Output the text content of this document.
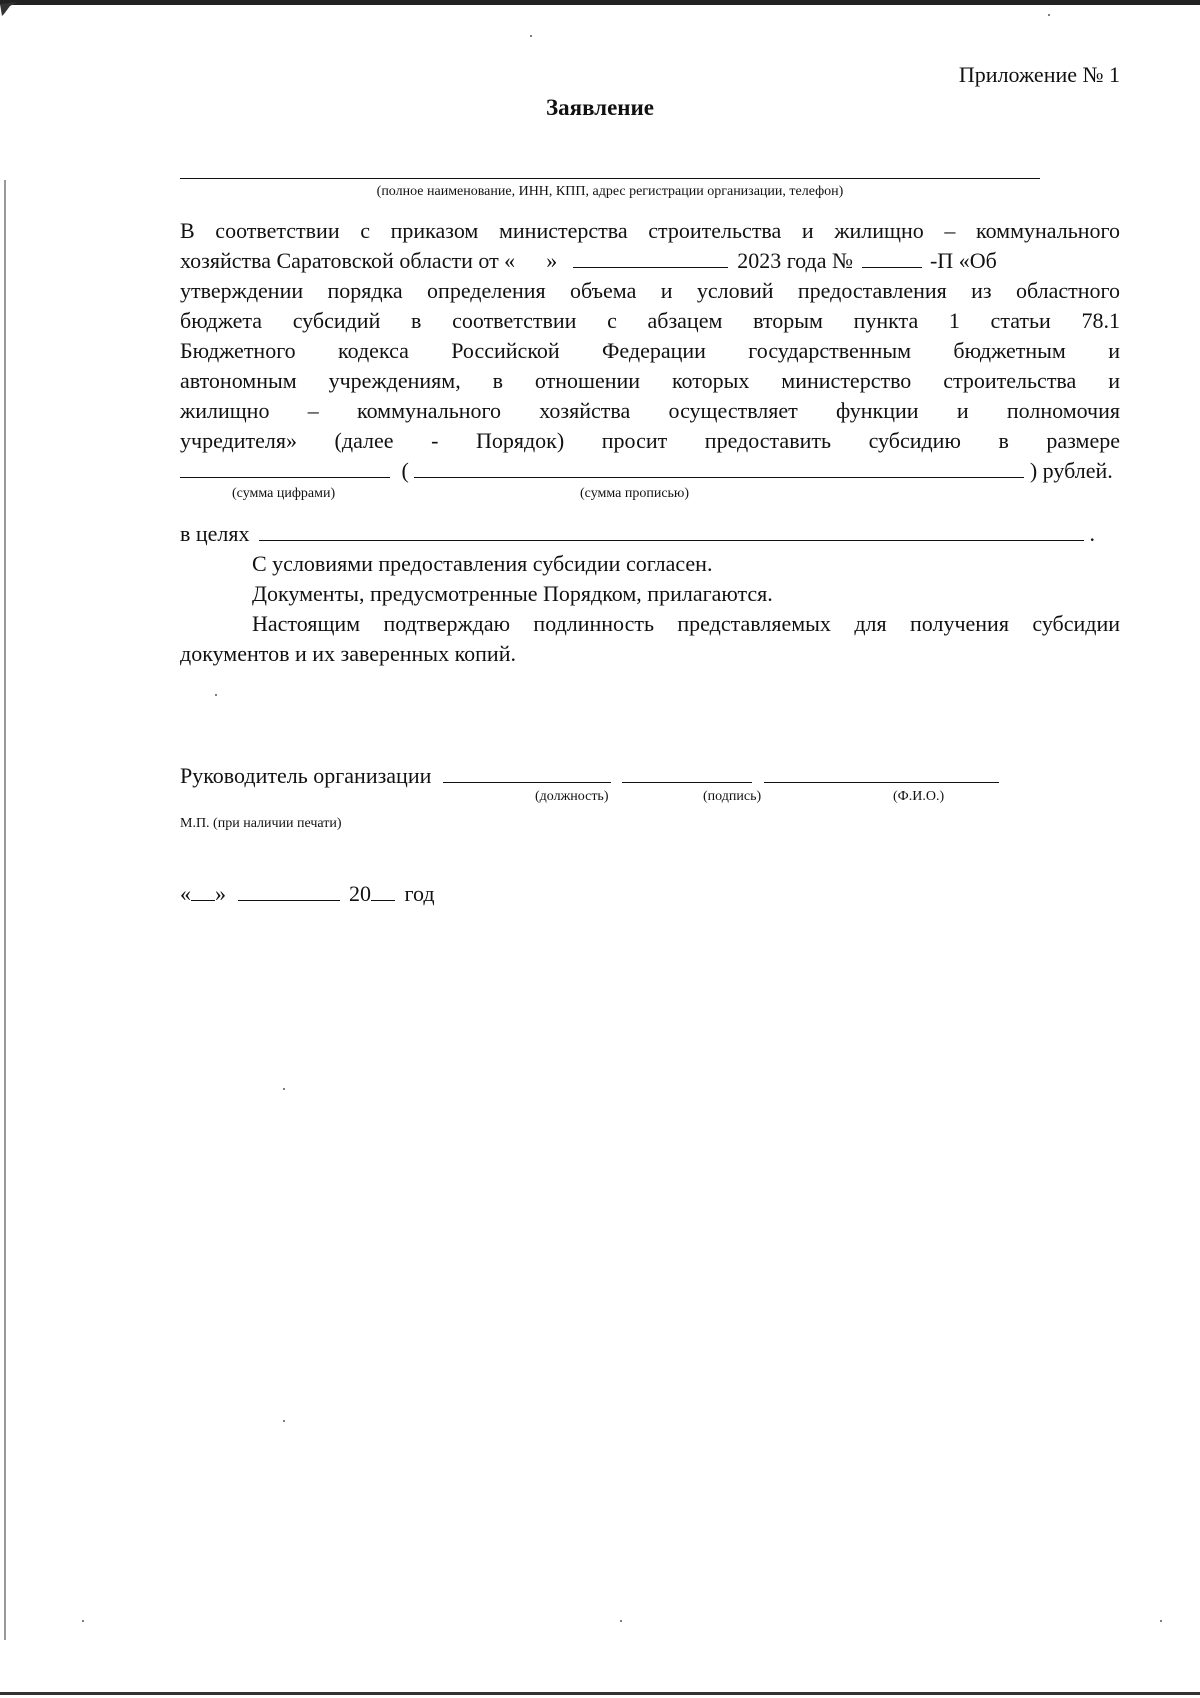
Приложение № 1
Заявление
(полное наименование, ИНН, КПП, адрес регистрации организации, телефон)
В соответствии с приказом министерства строительства и жилищно – коммунального
хозяйства Саратовской области от « »	2023 года №	-П «Об
утверждении порядка определения объема и условий предоставления из областного
бюджета субсидий в соответствии с абзацем вторым пункта 1 статьи 78.1
Бюджетного кодекса Российской Федерации государственным бюджетным и
автономным учреждениям, в отношении которых министерство строительства и
жилищно – коммунального хозяйства осуществляет функции и полномочия
учредителя» (далее - Порядок) просит предоставить субсидию в размере
(	) рублей.
(сумма цифрами)	(сумма прописью)
в целях	.
С условиями предоставления субсидии согласен.
Документы, предусмотренные Порядком, прилагаются.
Настоящим подтверждаю подлинность представляемых для получения субсидии документов и их заверенных копий.
Руководитель организации
(должность)	(подпись)	(Ф.И.О.)
М.П. (при наличии печати)
« »	20 год
